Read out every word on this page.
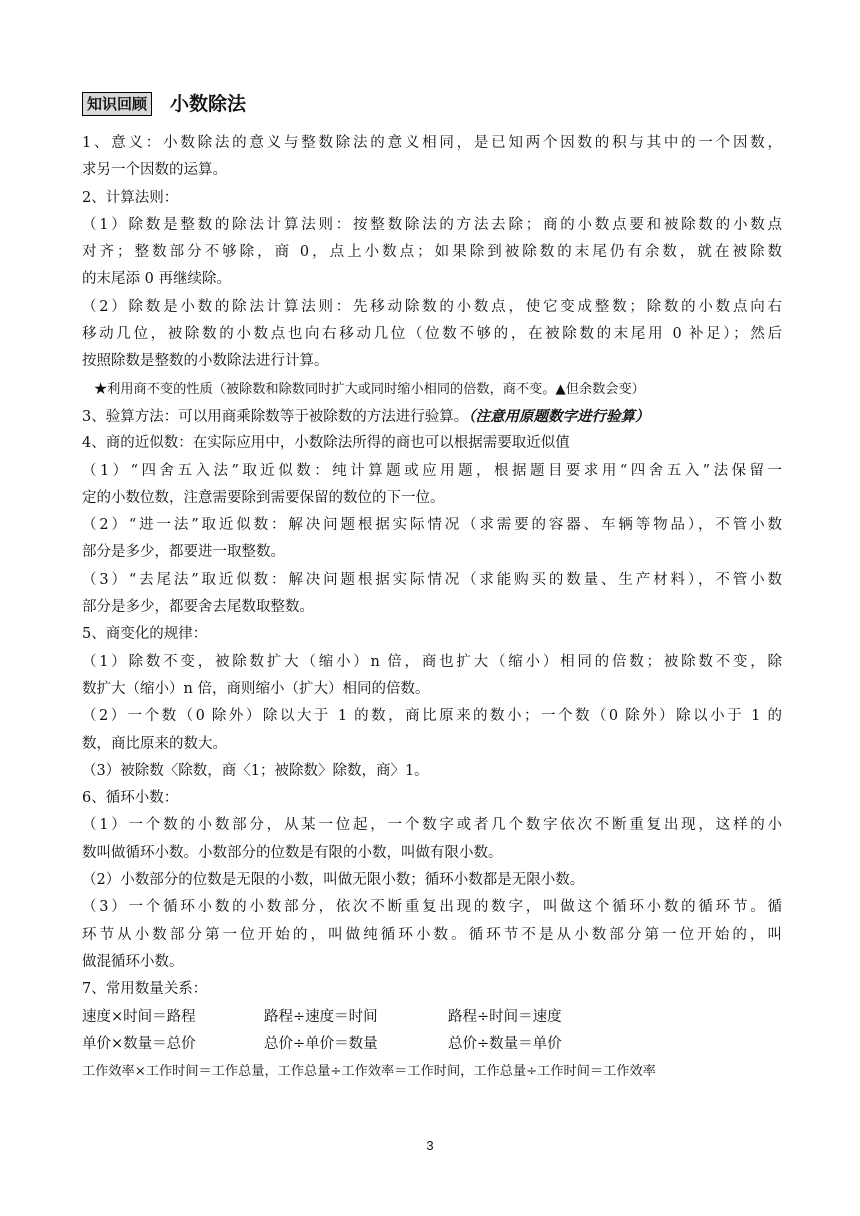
知识回顾 小数除法
1、意义：小数除法的意义与整数除法的意义相同，是已知两个因数的积与其中的一个因数，
求另一个因数的运算。
2、计算法则：
（1）除数是整数的除法计算法则：按整数除法的方法去除；商的小数点要和被除数的小数点
对齐；整数部分不够除，商 0，点上小数点；如果除到被除数的末尾仍有余数，就在被除数
的末尾添 0 再继续除。
（2）除数是小数的除法计算法则：先移动除数的小数点，使它变成整数；除数的小数点向右
移动几位，被除数的小数点也向右移动几位（位数不够的，在被除数的末尾用 0 补足）；然后
按照除数是整数的小数除法进行计算。
★利用商不变的性质（被除数和除数同时扩大或同时缩小相同的倍数，商不变。▲但余数会变）
3、验算方法：可以用商乘除数等于被除数的方法进行验算。（注意用原题数字进行验算）
4、商的近似数：在实际应用中，小数除法所得的商也可以根据需要取近似值
（1）“四舍五入法”取近似数：纯计算题或应用题，根据题目要求用“四舍五入”法保留一
定的小数位数，注意需要除到需要保留的数位的下一位。
（2）“进一法”取近似数：解决问题根据实际情况（求需要的容器、车辆等物品），不管小数
部分是多少，都要进一取整数。
（3）“去尾法”取近似数：解决问题根据实际情况（求能购买的数量、生产材料），不管小数
部分是多少，都要舍去尾数取整数。
5、商变化的规律：
（1）除数不变，被除数扩大（缩小）n 倍，商也扩大（缩小）相同的倍数；被除数不变，除
数扩大（缩小）n 倍，商则缩小（扩大）相同的倍数。
（2）一个数（0 除外）除以大于 1 的数，商比原来的数小；一个数（0 除外）除以小于 1 的
数，商比原来的数大。
（3）被除数〈除数，商〈1；被除数〉除数，商〉1。
6、循环小数：
（1）一个数的小数部分，从某一位起，一个数字或者几个数字依次不断重复出现，这样的小
数叫做循环小数。小数部分的位数是有限的小数，叫做有限小数。
（2）小数部分的位数是无限的小数，叫做无限小数；循环小数都是无限小数。
（3）一个循环小数的小数部分，依次不断重复出现的数字，叫做这个循环小数的循环节。循
环节从小数部分第一位开始的，叫做纯循环小数。循环节不是从小数部分第一位开始的，叫
做混循环小数。
7、常用数量关系：
速度×时间＝路程	路程÷速度＝时间	路程÷时间＝速度
单价×数量＝总价	总价÷单价＝数量	总价÷数量＝单价
工作效率×工作时间＝工作总量，工作总量÷工作效率＝工作时间，工作总量÷工作时间＝工作效率
3
